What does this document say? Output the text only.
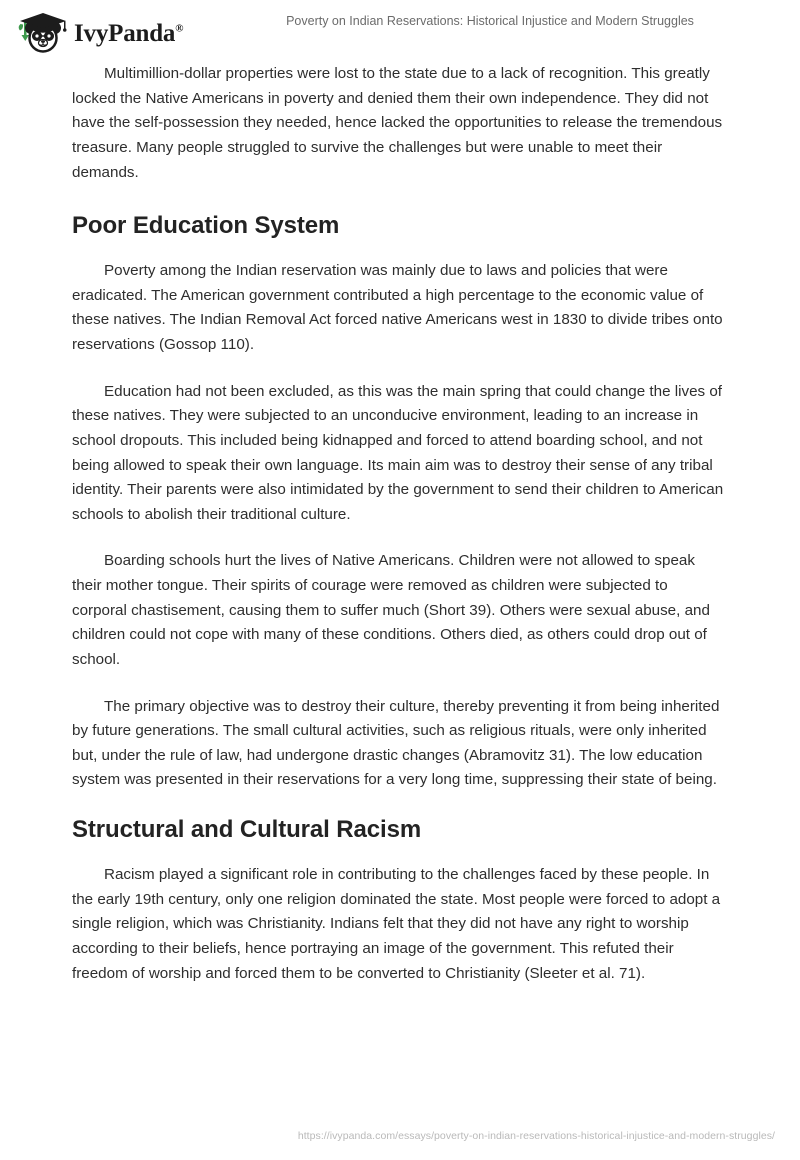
IvyPanda®
Poverty on Indian Reservations: Historical Injustice and Modern Struggles

Multimillion-dollar properties were lost to the state due to a lack of recognition. This greatly locked the Native Americans in poverty and denied them their own independence. They did not have the self-possession they needed, hence lacked the opportunities to release the tremendous treasure. Many people struggled to survive the challenges but were unable to meet their demands.

Poor Education System

Poverty among the Indian reservation was mainly due to laws and policies that were eradicated. The American government contributed a high percentage to the economic value of these natives. The Indian Removal Act forced native Americans west in 1830 to divide tribes onto reservations (Gossop 110).

Education had not been excluded, as this was the main spring that could change the lives of these natives. They were subjected to an unconducive environment, leading to an increase in school dropouts. This included being kidnapped and forced to attend boarding school, and not being allowed to speak their own language. Its main aim was to destroy their sense of any tribal identity. Their parents were also intimidated by the government to send their children to American schools to abolish their traditional culture.

Boarding schools hurt the lives of Native Americans. Children were not allowed to speak their mother tongue. Their spirits of courage were removed as children were subjected to corporal chastisement, causing them to suffer much (Short 39). Others were sexual abuse, and children could not cope with many of these conditions. Others died, as others could drop out of school.

The primary objective was to destroy their culture, thereby preventing it from being inherited by future generations. The small cultural activities, such as religious rituals, were only inherited but, under the rule of law, had undergone drastic changes (Abramovitz 31). The low education system was presented in their reservations for a very long time, suppressing their state of being.

Structural and Cultural Racism

Racism played a significant role in contributing to the challenges faced by these people. In the early 19th century, only one religion dominated the state. Most people were forced to adopt a single religion, which was Christianity. Indians felt that they did not have any right to worship according to their beliefs, hence portraying an image of the government. This refuted their freedom of worship and forced them to be converted to Christianity (Sleeter et al. 71).

https://ivypanda.com/essays/poverty-on-indian-reservations-historical-injustice-and-modern-struggles/
